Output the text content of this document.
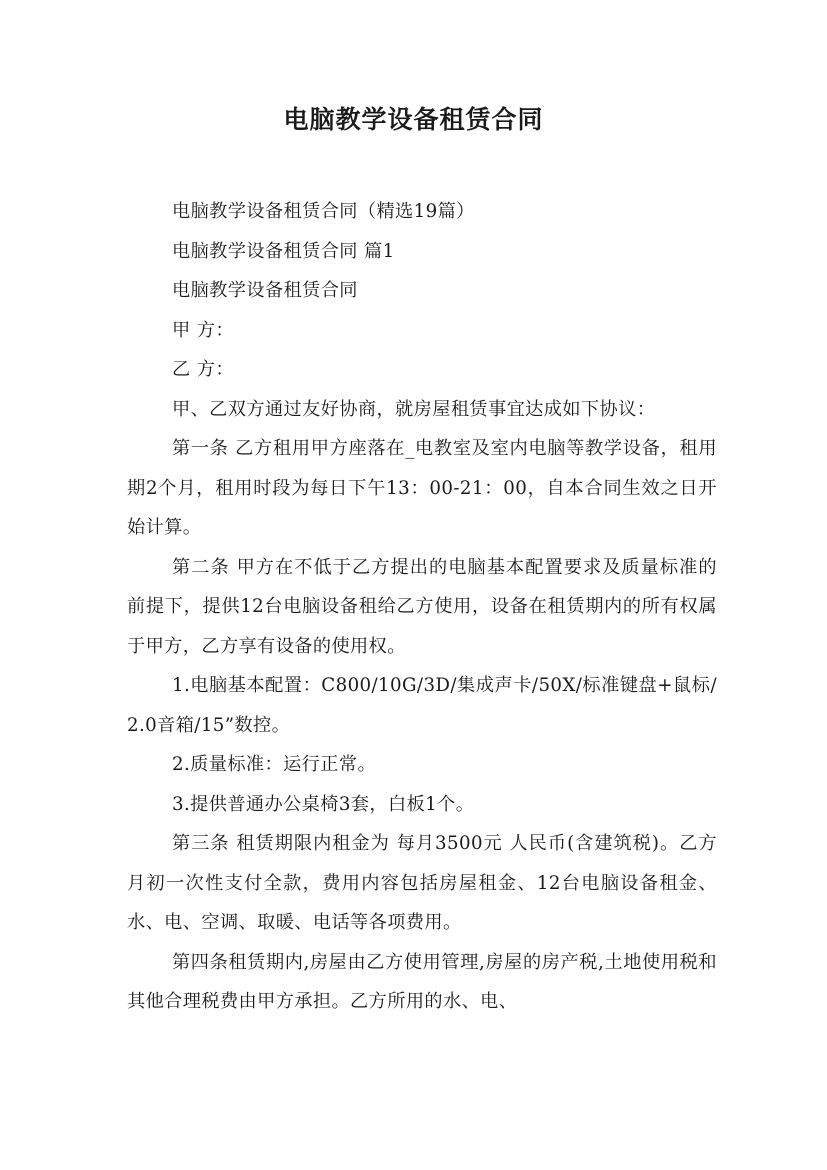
电脑教学设备租赁合同

电脑教学设备租赁合同（精选19篇）

电脑教学设备租赁合同 篇1

电脑教学设备租赁合同

甲 方：

乙 方：

甲、乙双方通过友好协商，就房屋租赁事宜达成如下协议：

第一条 乙方租用甲方座落在_电教室及室内电脑等教学设备，租用期2个月，租用时段为每日下午13：00-21：00，自本合同生效之日开始计算。

第二条 甲方在不低于乙方提出的电脑基本配置要求及质量标准的前提下，提供12台电脑设备租给乙方使用，设备在租赁期内的所有权属于甲方，乙方享有设备的使用权。

1.电脑基本配置：C800/10G/3D/集成声卡/50X/标准键盘+鼠标/2.0音箱/15”数控。

2.质量标准：运行正常。

3.提供普通办公桌椅3套，白板1个。

第三条 租赁期限内租金为 每月3500元 人民币(含建筑税)。乙方月初一次性支付全款，费用内容包括房屋租金、12台电脑设备租金、水、电、空调、取暖、电话等各项费用。

第四条租赁期内,房屋由乙方使用管理,房屋的房产税,土地使用税和其他合理税费由甲方承担。乙方所用的水、电、
